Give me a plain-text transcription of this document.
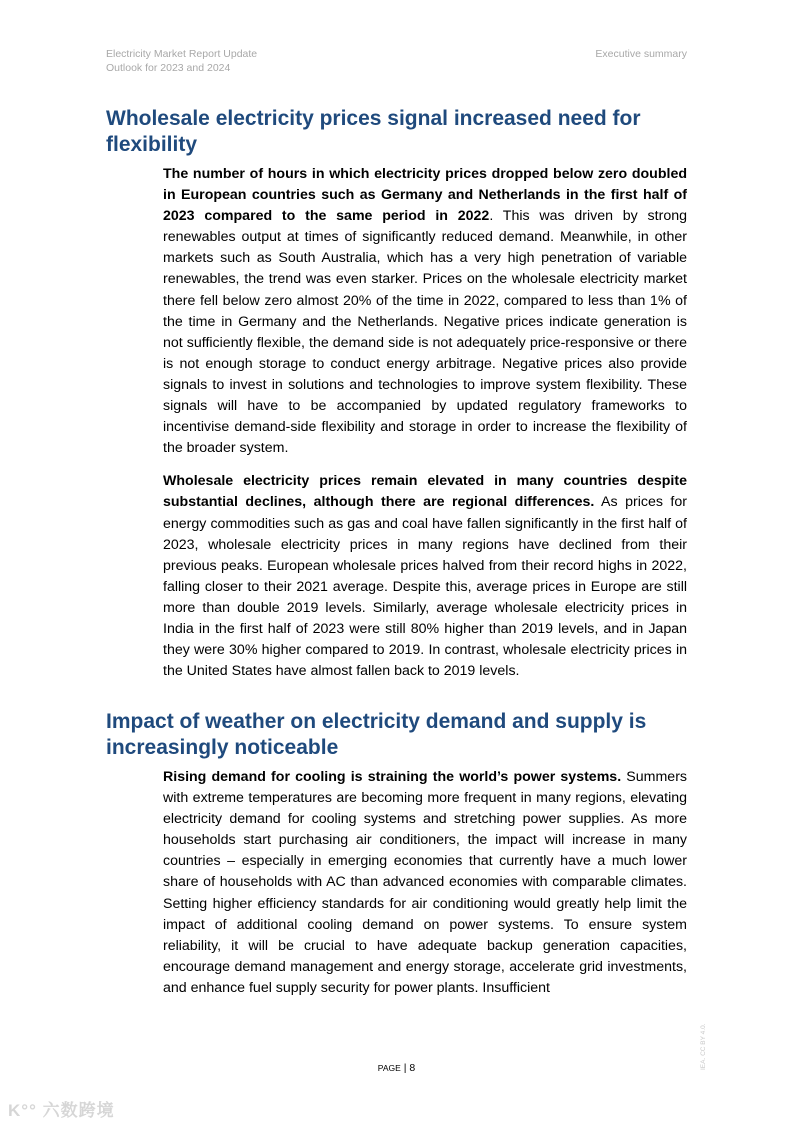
Electricity Market Report Update
Outlook for 2023 and 2024
Executive summary
Wholesale electricity prices signal increased need for flexibility

The number of hours in which electricity prices dropped below zero doubled in European countries such as Germany and Netherlands in the first half of 2023 compared to the same period in 2022. This was driven by strong renewables output at times of significantly reduced demand. Meanwhile, in other markets such as South Australia, which has a very high penetration of variable renewables, the trend was even starker. Prices on the wholesale electricity market there fell below zero almost 20% of the time in 2022, compared to less than 1% of the time in Germany and the Netherlands. Negative prices indicate generation is not sufficiently flexible, the demand side is not adequately price-responsive or there is not enough storage to conduct energy arbitrage. Negative prices also provide signals to invest in solutions and technologies to improve system flexibility. These signals will have to be accompanied by updated regulatory frameworks to incentivise demand-side flexibility and storage in order to increase the flexibility of the broader system.

Wholesale electricity prices remain elevated in many countries despite substantial declines, although there are regional differences. As prices for energy commodities such as gas and coal have fallen significantly in the first half of 2023, wholesale electricity prices in many regions have declined from their previous peaks. European wholesale prices halved from their record highs in 2022, falling closer to their 2021 average. Despite this, average prices in Europe are still more than double 2019 levels. Similarly, average wholesale electricity prices in India in the first half of 2023 were still 80% higher than 2019 levels, and in Japan they were 30% higher compared to 2019. In contrast, wholesale electricity prices in the United States have almost fallen back to 2019 levels.

Impact of weather on electricity demand and supply is increasingly noticeable

Rising demand for cooling is straining the world’s power systems. Summers with extreme temperatures are becoming more frequent in many regions, elevating electricity demand for cooling systems and stretching power supplies. As more households start purchasing air conditioners, the impact will increase in many countries – especially in emerging economies that currently have a much lower share of households with AC than advanced economies with comparable climates. Setting higher efficiency standards for air conditioning would greatly help limit the impact of additional cooling demand on power systems. To ensure system reliability, it will be crucial to have adequate backup generation capacities, encourage demand management and energy storage, accelerate grid investments, and enhance fuel supply security for power plants. Insufficient

PAGE | 8	IEA. CC BY 4.0.
K°° 六数跨境
